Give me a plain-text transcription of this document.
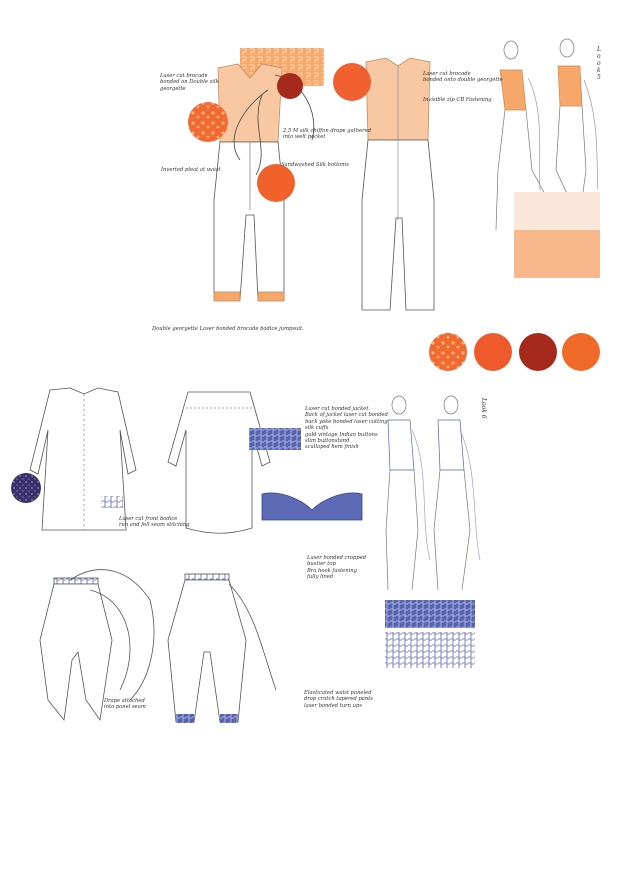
Laser cut brocade
bonded on Double silk
georgette
2.5 M silk chiffon drape gathered
into welt pocket
Inverted pleat at waist
Sandwashed Silk bottoms
Laser cut brocade
bonded onto double georgette
Invisible zip CB Fastening
Double georgette Laser bonded brocade bodice jumpsuit.
L
o
o
k
5
Laser cut bonded jacket
Back of jacket laser cut bonded
back yoke bonded laser cutting
silk cuffs
gold vintage Indian buttons
slim buttonstand
scallaped hem finish
Laser cut front bodice
run and fell seam stitching
Laser bonded cropped
bustier top
Bra hook fastening
fully lined
Drape attached
into panel seam
Elasticated waist paneled
drop crotch tapered pants
laser bonded turn ups
Look 6
